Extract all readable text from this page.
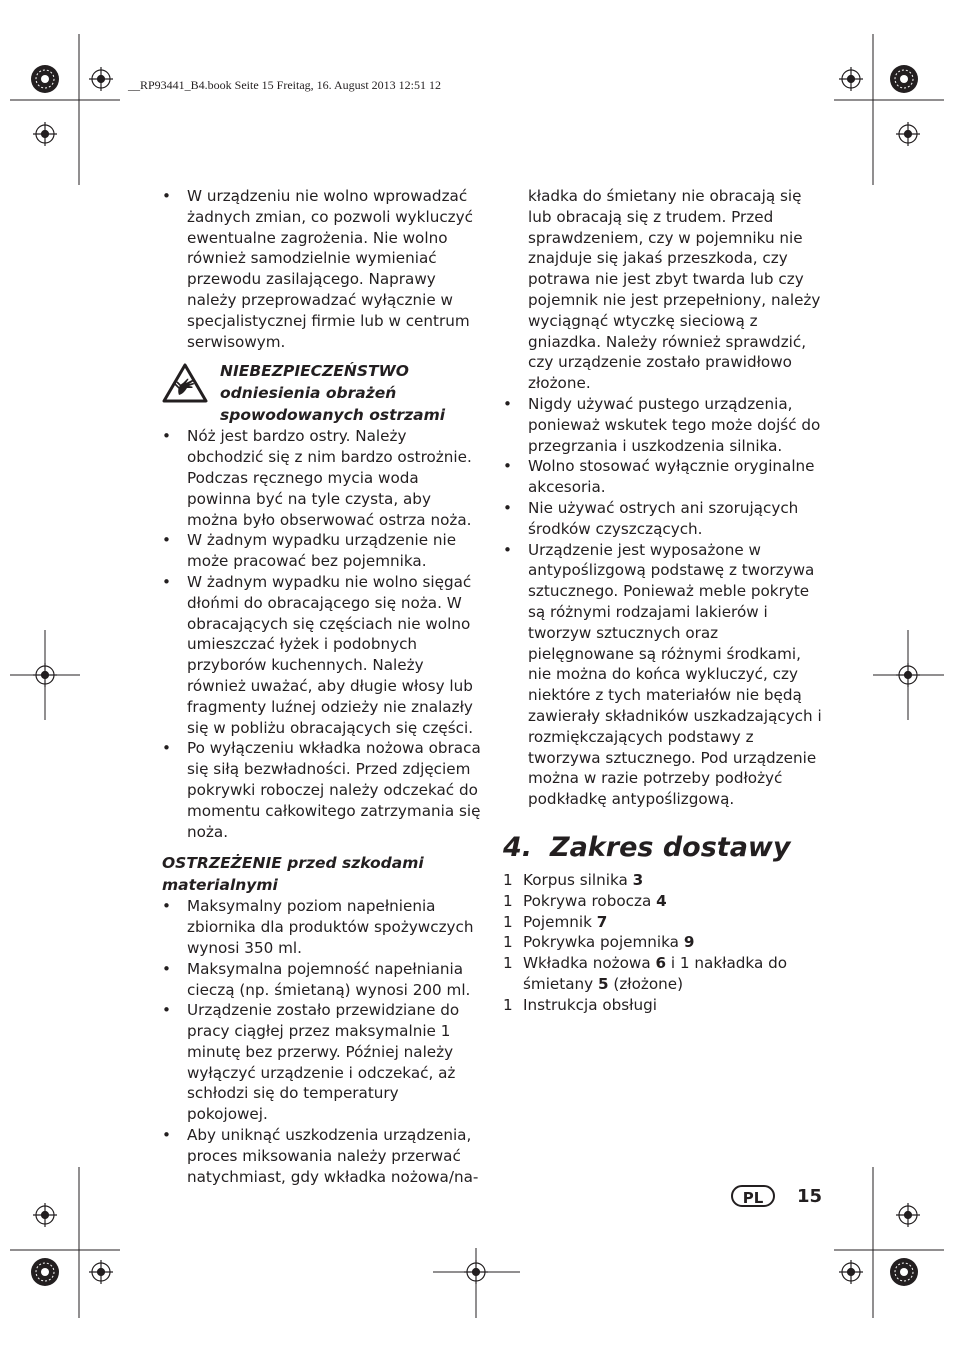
__RP93441_B4.book Seite 15 Freitag, 16. August 2013 12:51 12
• W urządzeniu nie wolno wprowadzać żadnych zmian, co pozwoli wykluczyć ewentualne zagrożenia. Nie wolno również samodzielnie wymieniać przewodu zasilającego. Naprawy należy przeprowadzać wyłącznie w specjalistycznej firmie lub w centrum serwisowym.
NIEBEZPIECZEŃSTWO
odniesienia obrażeń
spowodowanych ostrzami
• Nóż jest bardzo ostry. Należy obchodzić się z nim bardzo ostrożnie. Podczas ręcznego mycia woda powinna być na tyle czysta, aby można było obserwować ostrza noża.
• W żadnym wypadku urządzenie nie może pracować bez pojemnika.
• W żadnym wypadku nie wolno sięgać dłońmi do obracającego się noża. W obracających się częściach nie wolno umieszczać łyżek i podobnych przyborów kuchennych. Należy również uważać, aby długie włosy lub fragmenty luźnej odzieży nie znalazły się w pobliżu obracających się części.
• Po wyłączeniu wkładka nożowa obraca się siłą bezwładności. Przed zdjęciem pokrywki roboczej należy odczekać do momentu całkowitego zatrzymania się noża.
OSTRZEŻENIE przed szkodami materialnymi
• Maksymalny poziom napełnienia zbiornika dla produktów spożywczych wynosi 350 ml.
• Maksymalna pojemność napełniania cieczą (np. śmietaną) wynosi 200 ml.
• Urządzenie zostało przewidziane do pracy ciągłej przez maksymalnie 1 minutę bez przerwy. Później należy wyłączyć urządzenie i odczekać, aż schłodzi się do temperatury pokojowej.
• Aby uniknąć uszkodzenia urządzenia, proces miksowania należy przerwać natychmiast, gdy wkładka nożowa/na-

kładka do śmietany nie obracają się lub obracają się z trudem. Przed sprawdzeniem, czy w pojemniku nie znajduje się jakaś przeszkoda, czy potrawa nie jest zbyt twarda lub czy pojemnik nie jest przepełniony, należy wyciągnąć wtyczkę sieciową z gniazdka. Należy również sprawdzić, czy urządzenie zostało prawidłowo złożone.

• Nigdy używać pustego urządzenia, ponieważ wskutek tego może dojść do przegrzania i uszkodzenia silnika.
• Wolno stosować wyłącznie oryginalne akcesoria.
• Nie używać ostrych ani szorujących środków czyszczących.
• Urządzenie jest wyposażone w antypoślizgową podstawę z tworzywa sztucznego. Ponieważ meble pokryte są różnymi rodzajami lakierów i tworzyw sztucznych oraz pielęgnowane są różnymi środkami, nie można do końca wykluczyć, czy niektóre z tych materiałów nie będą zawierały składników uszkadzających i rozmiękczających podstawy z tworzywa sztucznego. Pod urządzenie można w razie potrzeby podłożyć podkładkę antypoślizgową.
4. Zakres dostawy
1 Korpus silnika 3
1 Pokrywa robocza 4
1 Pojemnik 7
1 Pokrywka pojemnika 9
1 Wkładka nożowa 6 i 1 nakładka do śmietany 5 (złożone)
1 Instrukcja obsługi
PL	15
